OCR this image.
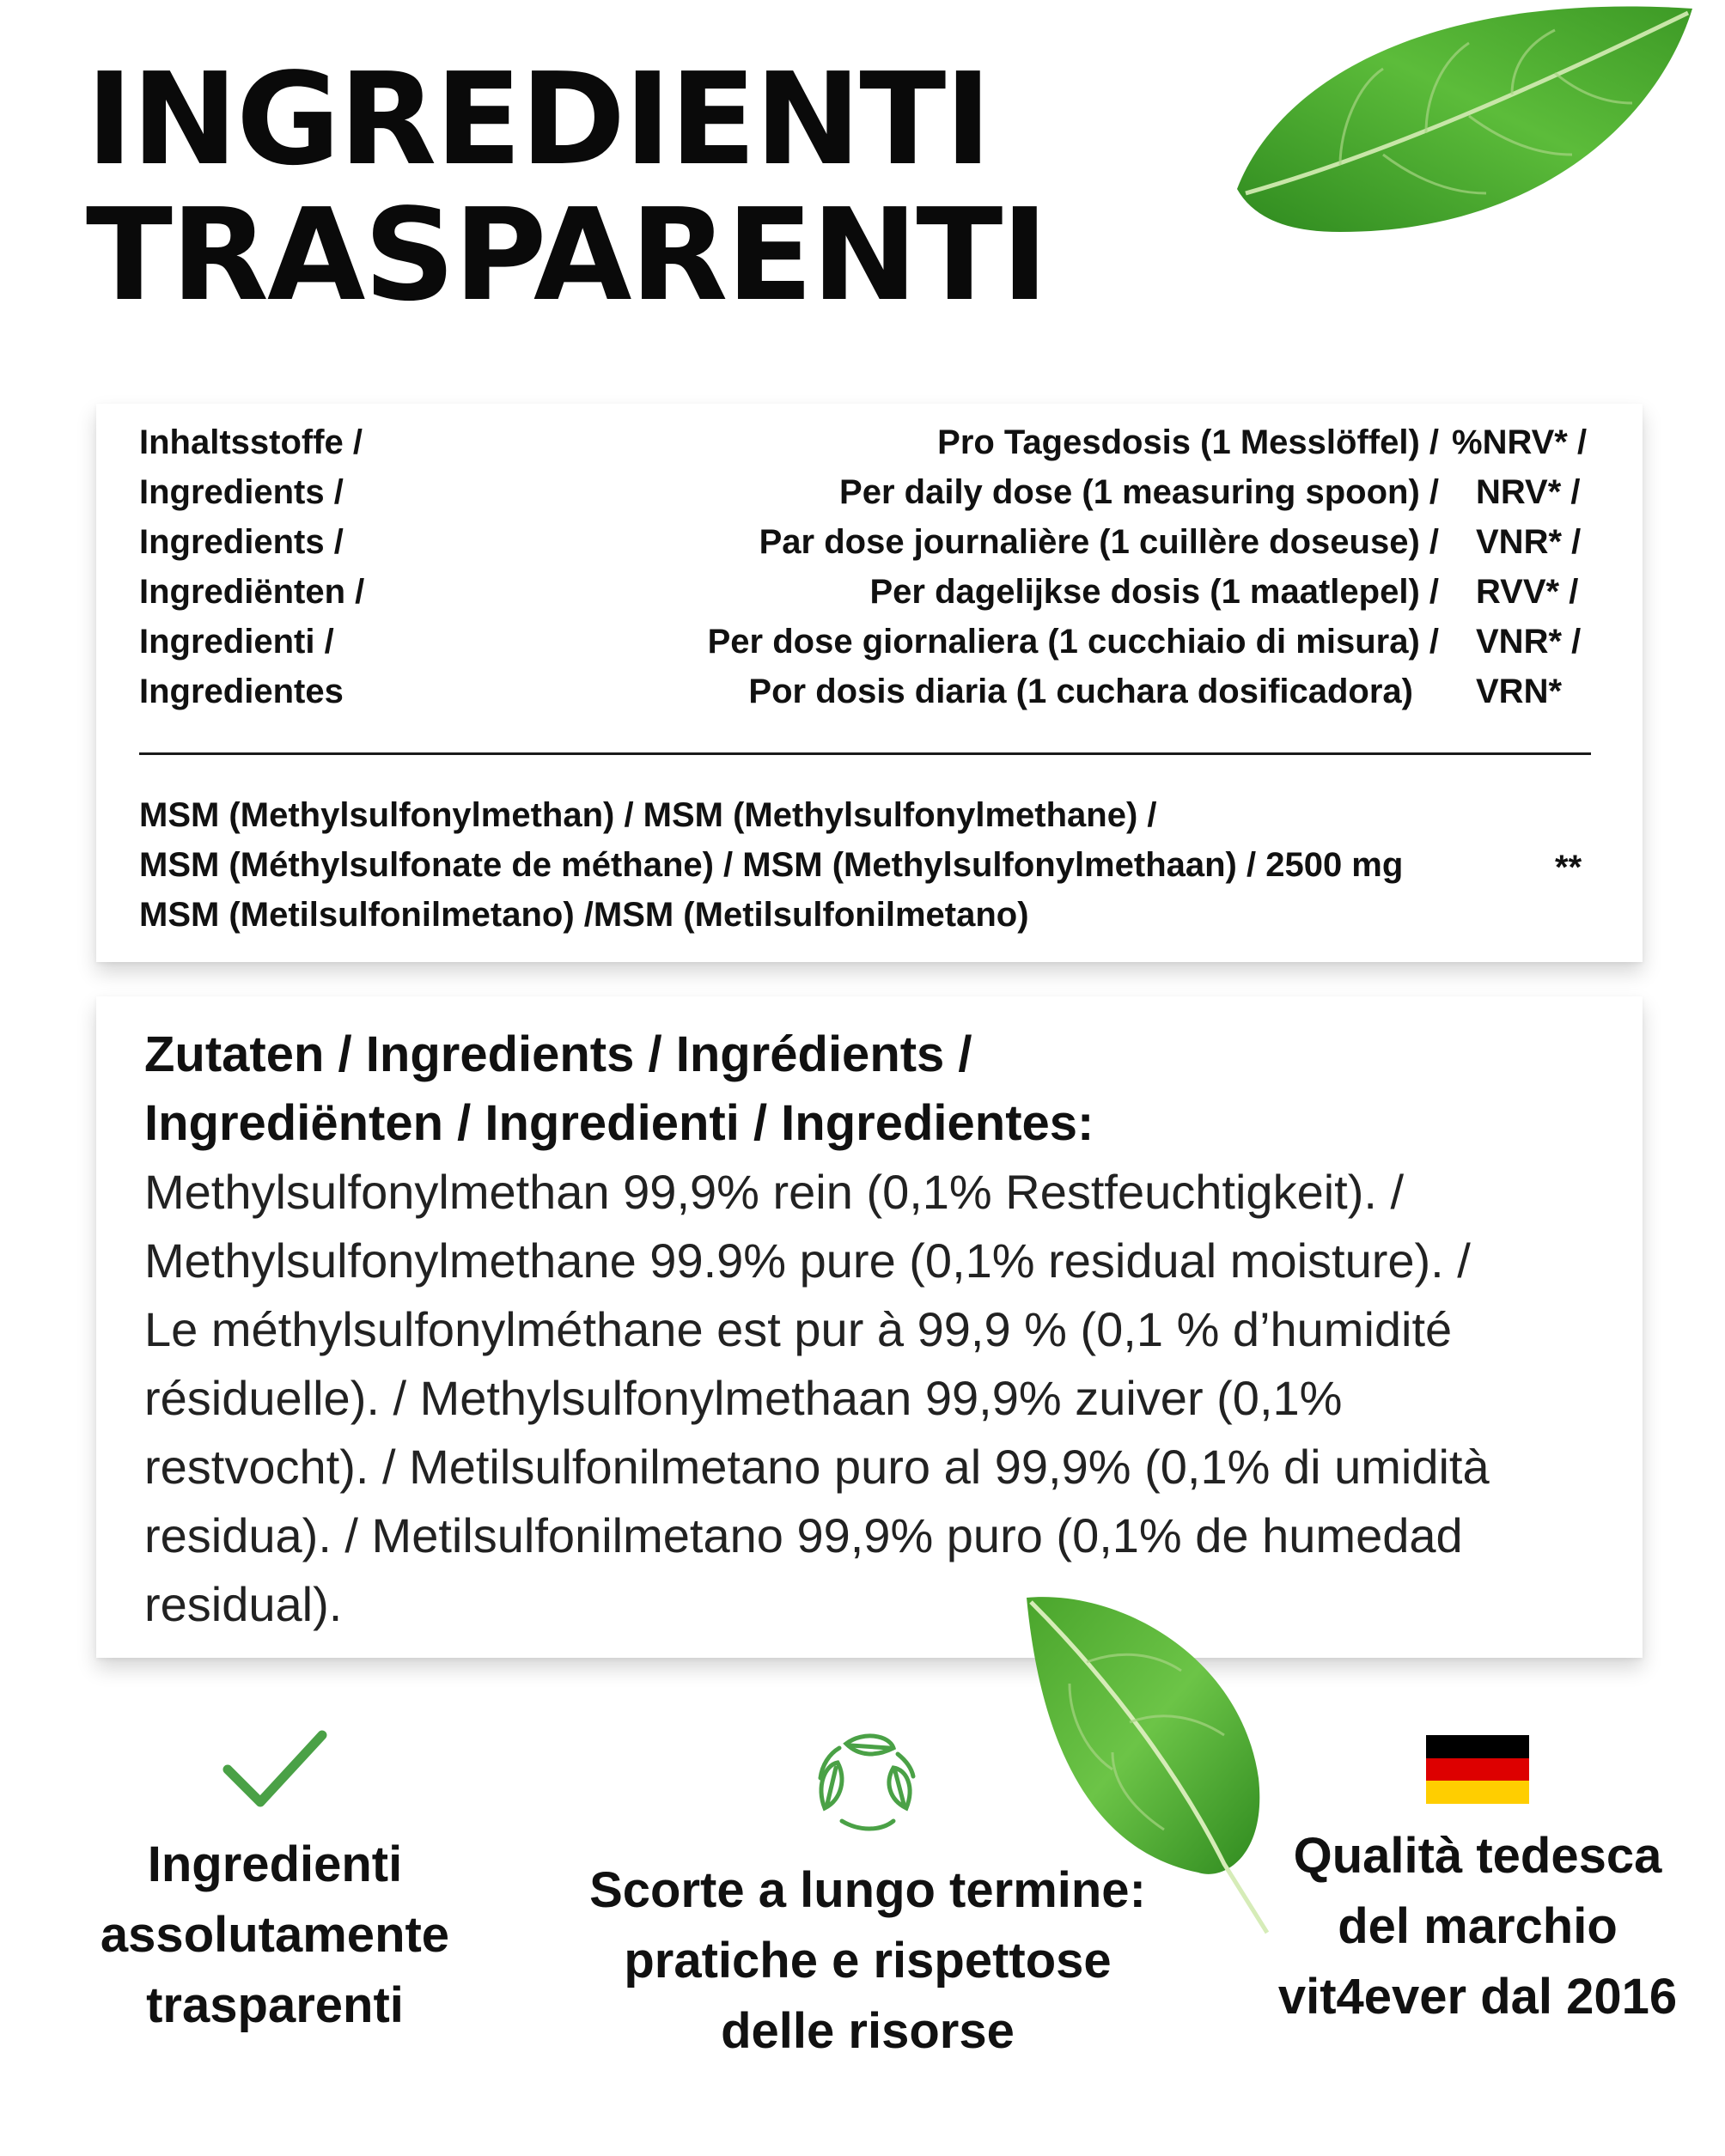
INGREDIENTI
TRASPARENTI
Inhaltsstoffe /
Ingredients /
Ingredients /
Ingrediënten /
Ingredienti /
Ingredientes
Pro Tagesdosis (1 Messlöffel) /
Per daily dose (1 measuring spoon) /
Par dose journalière (1 cuillère doseuse) /
Per dagelijkse dosis (1 maatlepel) /
Per dose giornaliera (1 cucchiaio di misura) /
Por dosis diaria (1 cuchara dosificadora)
%NRV* /
NRV* /
VNR* /
RVV* /
VNR* /
VRN*
MSM (Methylsulfonylmethan) / MSM (Methylsulfonylmethane) /
MSM (Méthylsulfonate de méthane) / MSM (Methylsulfonylmethaan) / 2500 mg
MSM (Metilsulfonilmetano) /MSM (Metilsulfonilmetano)
**
Zutaten / Ingredients / Ingrédients /
Ingrediënten / Ingredienti / Ingredientes:
Methylsulfonylmethan 99,9% rein (0,1% Restfeuchtigkeit). / Methylsulfonylmethane 99.9% pure (0,1% residual moisture). / Le méthylsulfonylméthane est pur à 99,9 % (0,1 % d’humidité résiduelle). / Methylsulfonylmethaan 99,9% zuiver (0,1% restvocht). / Metilsulfonilmetano puro al 99,9% (0,1% di umidità residua). / Metilsulfonilmetano 99,9% puro (0,1% de humedad residual).
Ingredienti
assolutamente
trasparenti
Scorte a lungo termine:
pratiche e rispettose
delle risorse
Qualità tedesca
del marchio
vit4ever dal 2016
